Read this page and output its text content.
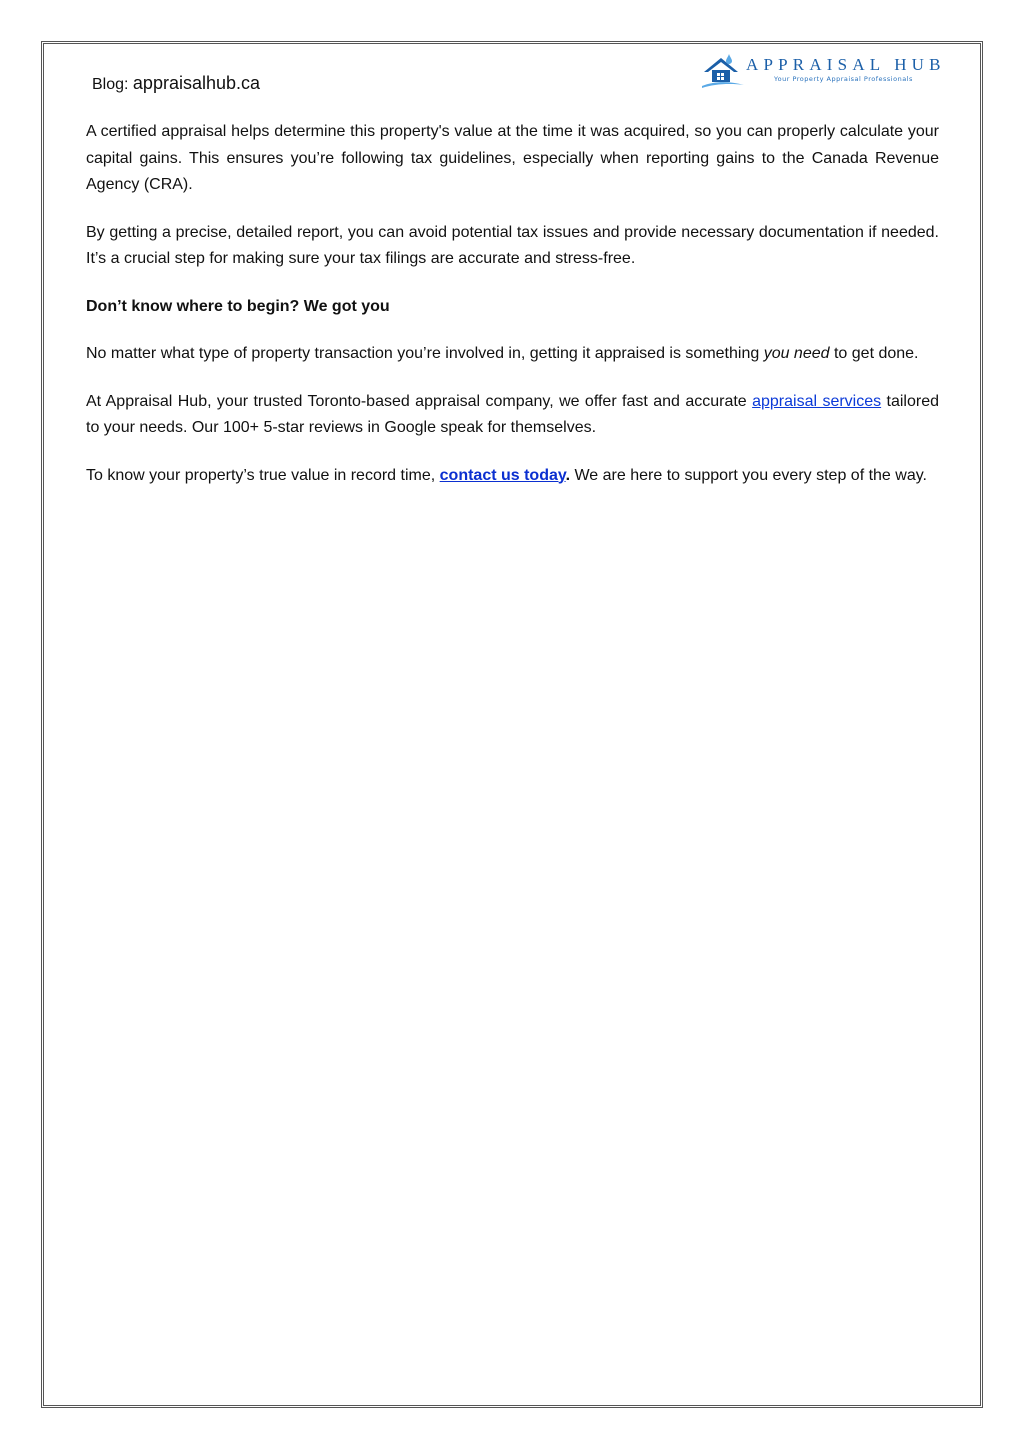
Blog: appraisalhub.ca
APPRAISAL HUB
Your Property Appraisal Professionals

A certified appraisal helps determine this property's value at the time it was acquired, so you can properly calculate your capital gains. This ensures you’re following tax guidelines, especially when reporting gains to the Canada Revenue Agency (CRA).

By getting a precise, detailed report, you can avoid potential tax issues and provide necessary documentation if needed. It’s a crucial step for making sure your tax filings are accurate and stress-free.

Don’t know where to begin? We got you

No matter what type of property transaction you’re involved in, getting it appraised is something you need to get done.

At Appraisal Hub, your trusted Toronto-based appraisal company, we offer fast and accurate appraisal services tailored to your needs. Our 100+ 5-star reviews in Google speak for themselves.

To know your property’s true value in record time, contact us today. We are here to support you every step of the way.
